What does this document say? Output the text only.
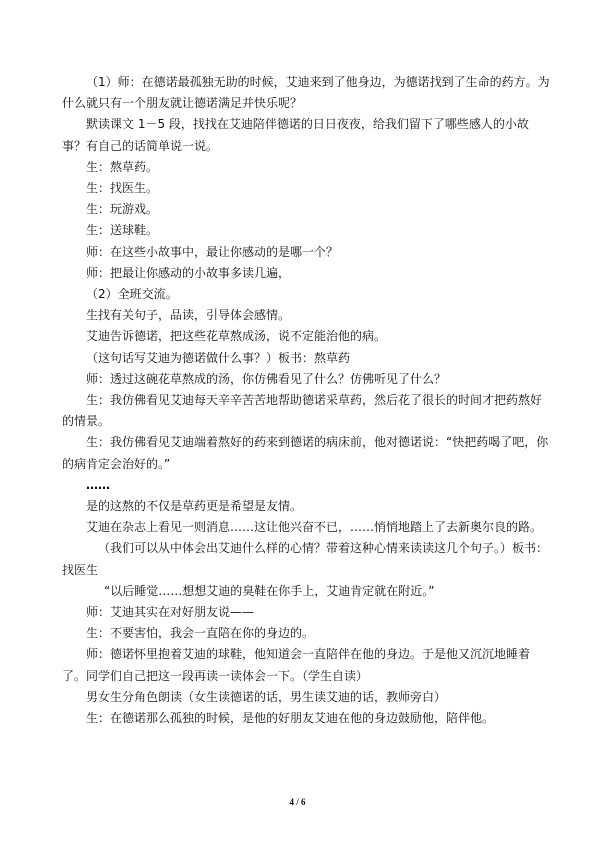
（1）师：在德诺最孤独无助的时候，艾迪来到了他身边，为德诺找到了生命的药方。为什么就只有一个朋友就让德诺满足并快乐呢？

默读课文 1－5 段，找找在艾迪陪伴德诺的日日夜夜，给我们留下了哪些感人的小故事？有自己的话简单说一说。

生：熬草药。

生：找医生。

生：玩游戏。

生：送球鞋。

师：在这些小故事中，最让你感动的是哪一个？

师：把最让你感动的小故事多读几遍，

（2）全班交流。

生找有关句子，品读，引导体会感情。

艾迪告诉德诺，把这些花草熬成汤，说不定能治他的病。

（这句话写艾迪为德诺做什么事？）板书：熬草药

师：透过这碗花草熬成的汤，你仿佛看见了什么？仿佛听见了什么？

生：我仿佛看见艾迪每天辛辛苦苦地帮助德诺采草药，然后花了很长的时间才把药熬好的情景。

生：我仿佛看见艾迪端着熬好的药来到德诺的病床前，他对德诺说：“快把药喝了吧，你的病肯定会治好的。”

……

是的这熬的不仅是草药更是希望是友情。

艾迪在杂志上看见一则消息……这让他兴奋不已，……悄悄地踏上了去新奥尔良的路。

（我们可以从中体会出艾迪什么样的心情？带着这种心情来读读这几个句子。）板书：找医生

“以后睡觉……想想艾迪的臭鞋在你手上，艾迪肯定就在附近。”

师：艾迪其实在对好朋友说——

生：不要害怕，我会一直陪在你的身边的。

师：德诺怀里抱着艾迪的球鞋，他知道会一直陪伴在他的身边。于是他又沉沉地睡着了。同学们自己把这一段再读一读体会一下。（学生自读）

男女生分角色朗读（女生读德诺的话，男生读艾迪的话，教师旁白）

生：在德诺那么孤独的时候，是他的好朋友艾迪在他的身边鼓励他，陪伴他。

4 / 6
